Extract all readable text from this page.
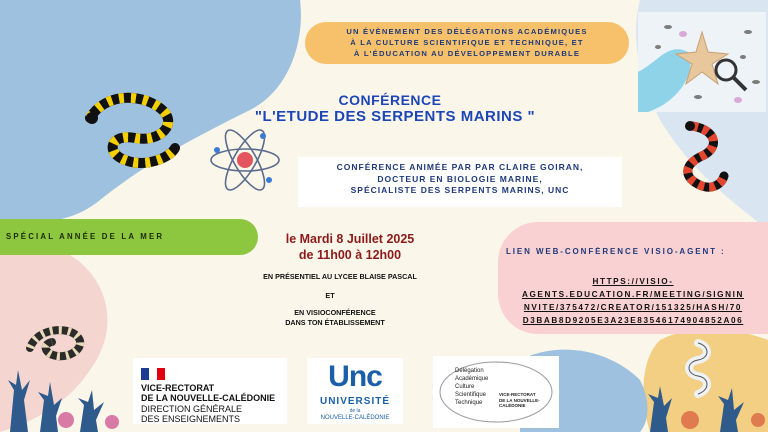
UN ÉVÈNEMENT DES DÉLÉGATIONS ACADÉMIQUES
À LA CULTURE SCIENTIFIQUE ET TECHNIQUE, ET
À L'ÉDUCATION AU DÉVELOPPEMENT DURABLE
CONFÉRENCE
"L'ETUDE DES SERPENTS MARINS "
CONFÉRENCE ANIMÉE PAR PAR CLAIRE GOIRAN,
DOCTEUR EN BIOLOGIE MARINE,
SPÉCIALISTE DES SERPENTS MARINS, UNC
SPÉCIAL ANNÉE DE LA MER	le Mardi 8 Juillet 2025
de 11h00 à 12h00
EN PRÉSENTIEL AU LYCEE BLAISE PASCAL
ET
EN VISIOCONFÉRENCE
DANS TON ÉTABLISSEMENT
LIEN WEB-CONFÉRENCE VISIO-AGENT :
HTTPS://VISIO-
AGENTS.EDUCATION.FR/MEETING/SIGNIN
NVITE/375472/CREATOR/151325/HASH/70
D3BAB8D9205E3A23E83546174904852A06
VICE-RECTORAT
DE LA NOUVELLE-CALÉDONIE
DIRECTION GÉNÉRALE
DES ENSEIGNEMENTS
Unc
UNIVERSITÉ
de la
NOUVELLE-CALÉDONIE
Délégation
Académique
Culture
Scientifique
Technique
VICE-RECTORAT
DE LA NOUVELLE-CALÉDONIE
